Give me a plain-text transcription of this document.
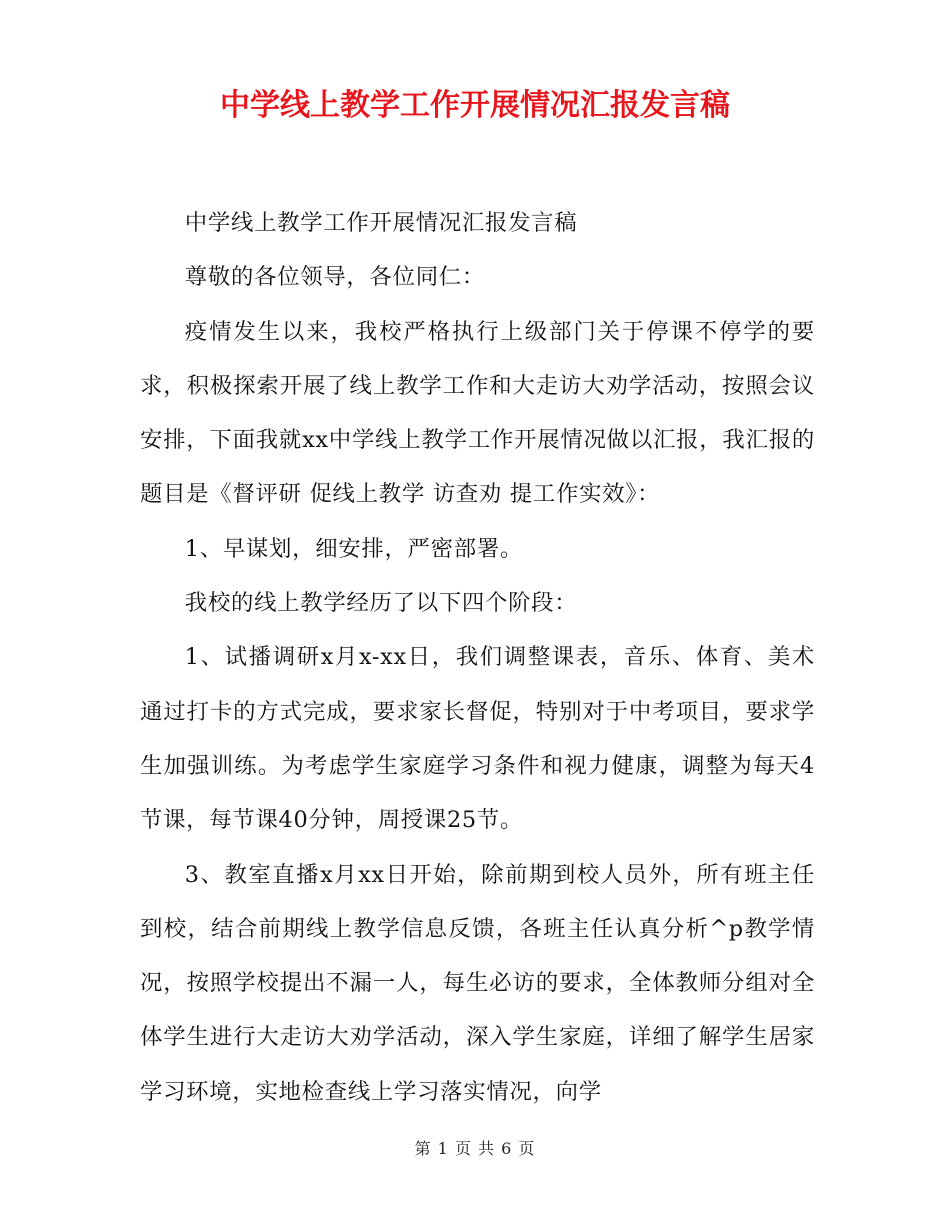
中学线上教学工作开展情况汇报发言稿

中学线上教学工作开展情况汇报发言稿

尊敬的各位领导，各位同仁：

疫情发生以来，我校严格执行上级部门关于停课不停学的要求，积极探索开展了线上教学工作和大走访大劝学活动，按照会议安排，下面我就xx中学线上教学工作开展情况做以汇报，我汇报的题目是《督评研 促线上教学 访查劝 提工作实效》：

1、早谋划，细安排，严密部署。

我校的线上教学经历了以下四个阶段：

1、试播调研x月x-xx日，我们调整课表，音乐、体育、美术通过打卡的方式完成，要求家长督促，特别对于中考项目，要求学生加强训练。为考虑学生家庭学习条件和视力健康，调整为每天4节课，每节课40分钟，周授课25节。

3、教室直播x月xx日开始，除前期到校人员外，所有班主任到校，结合前期线上教学信息反馈，各班主任认真分析^p教学情况，按照学校提出不漏一人，每生必访的要求，全体教师分组对全体学生进行大走访大劝学活动，深入学生家庭，详细了解学生居家学习环境，实地检查线上学习落实情况，向学

第 1 页 共 6 页
